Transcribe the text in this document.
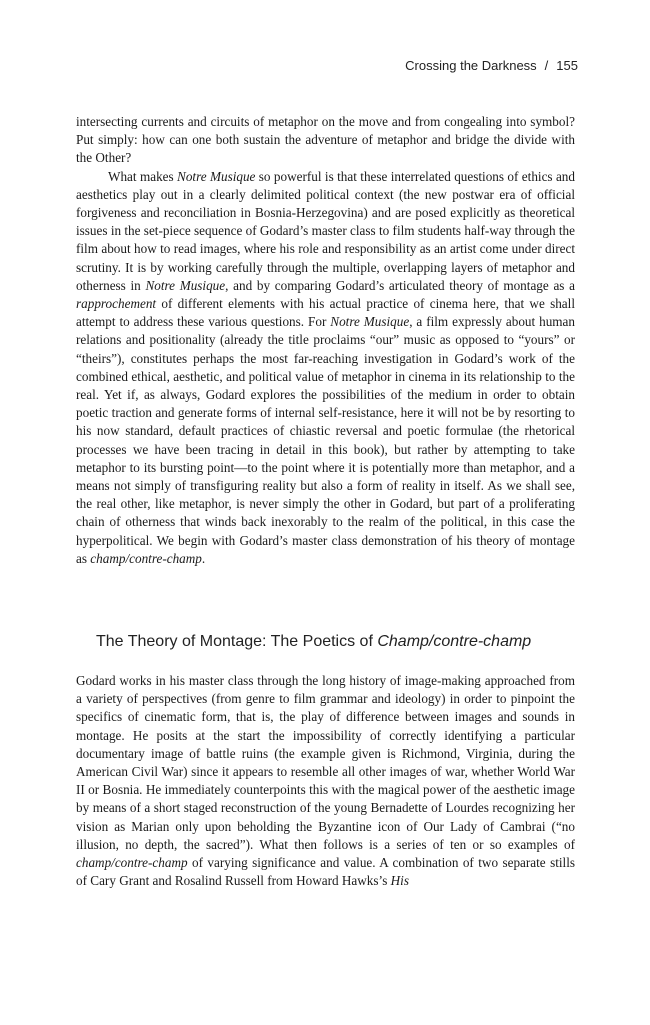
Crossing the Darkness / 155

intersecting currents and circuits of metaphor on the move and from congealing into symbol? Put simply: how can one both sustain the adventure of metaphor and bridge the divide with the Other?

What makes Notre Musique so powerful is that these interrelated questions of ethics and aesthetics play out in a clearly delimited political context (the new postwar era of official forgiveness and reconciliation in Bosnia-Herzegovina) and are posed explicitly as theoretical issues in the set-piece sequence of Godard’s master class to film students half-way through the film about how to read images, where his role and responsibility as an artist come under direct scrutiny. It is by working carefully through the multiple, overlapping layers of metaphor and otherness in Notre Musique, and by comparing Godard’s articulated theory of montage as a rapprochement of different elements with his actual practice of cinema here, that we shall attempt to address these various questions. For Notre Musique, a film expressly about human relations and positionality (already the title proclaims “our” music as opposed to “yours” or “theirs”), constitutes perhaps the most far-reaching investigation in Godard’s work of the combined ethical, aesthetic, and political value of metaphor in cinema in its relationship to the real. Yet if, as always, Godard explores the possibilities of the medium in order to obtain poetic traction and generate forms of internal self-resistance, here it will not be by resorting to his now standard, default practices of chiastic reversal and poetic formulae (the rhetorical processes we have been tracing in detail in this book), but rather by attempting to take metaphor to its bursting point—to the point where it is potentially more than metaphor, and a means not simply of transfiguring reality but also a form of reality in itself. As we shall see, the real other, like metaphor, is never simply the other in Godard, but part of a proliferating chain of otherness that winds back inexorably to the realm of the political, in this case the hyperpolitical. We begin with Godard’s master class demonstration of his theory of montage as champ/contre-champ.

The Theory of Montage: The Poetics of Champ/contre-champ

Godard works in his master class through the long history of image-making approached from a variety of perspectives (from genre to film grammar and ideology) in order to pinpoint the specifics of cinematic form, that is, the play of difference between images and sounds in montage. He posits at the start the impossibility of correctly identifying a particular documentary image of battle ruins (the example given is Richmond, Virginia, during the American Civil War) since it appears to resemble all other images of war, whether World War II or Bosnia. He immediately counterpoints this with the magical power of the aesthetic image by means of a short staged reconstruction of the young Bernadette of Lourdes recognizing her vision as Marian only upon beholding the Byzantine icon of Our Lady of Cambrai (“no illusion, no depth, the sacred”). What then follows is a series of ten or so examples of champ/contre-champ of varying significance and value. A combination of two separate stills of Cary Grant and Rosalind Russell from Howard Hawks’s His
